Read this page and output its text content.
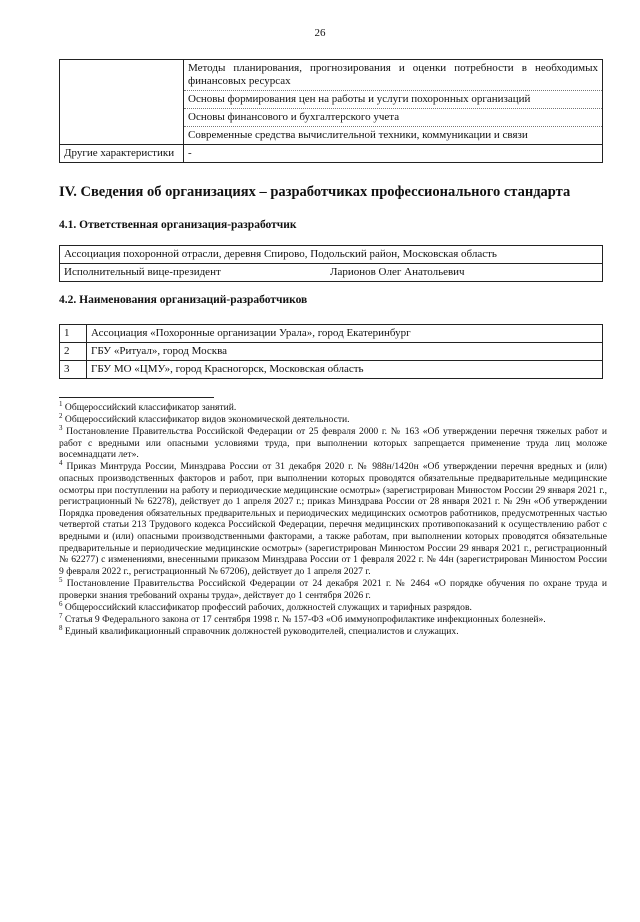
26

	Методы планирования, прогнозирования и оценки потребности в необходимых финансовых ресурсах
Основы формирования цен на работы и услуги похоронных организаций
Основы финансового и бухгалтерского учета
Современные средства вычислительной техники, коммуникации и связи

Другие характеристики	-
IV. Сведения об организациях – разработчиках профессионального стандарта
4.1. Ответственная организация-разработчик
Ассоциация похоронной отрасли, деревня Спирово, Подольский район, Московская область

Исполнительный вице-президент	Ларионов Олег Анатольевич
4.2. Наименования организаций-разработчиков
1	Ассоциация «Похоронные организации Урала», город Екатеринбург
2	ГБУ «Ритуал», город Москва
3	ГБУ МО «ЦМУ», город Красногорск, Московская область

$^1$ Общероссийский классификатор занятий.

$^2$ Общероссийский классификатор видов экономической деятельности.

$^3$ Постановление Правительства Российской Федерации от 25 февраля 2000 г. № 163 «Об утверждении перечня тяжелых работ и работ с вредными или опасными условиями труда, при выполнении которых запрещается применение труда лиц моложе восемнадцати лет».

$^4$ Приказ Минтруда России, Минздрава России от 31 декабря 2020 г. № 988н/1420н «Об утверждении перечня вредных и (или) опасных производственных факторов и работ, при выполнении которых проводятся обязательные предварительные медицинские осмотры при поступлении на работу и периодические медицинские осмотры» (зарегистрирован Минюстом России 29 января 2021 г., регистрационный № 62278), действует до 1 апреля 2027 г.; приказ Минздрава России от 28 января 2021 г. № 29н «Об утверждении Порядка проведения обязательных предварительных и периодических медицинских осмотров работников, предусмотренных частью четвертой статьи 213 Трудового кодекса Российской Федерации, перечня медицинских противопоказаний к осуществлению работ с вредными и (или) опасными производственными факторами, а также работам, при выполнении которых проводятся обязательные предварительные и периодические медицинские осмотры» (зарегистрирован Минюстом России 29 января 2021 г., регистрационный № 62277) с изменениями, внесенными приказом Минздрава России от 1 февраля 2022 г. № 44н (зарегистрирован Минюстом России 9 февраля 2022 г., регистрационный № 67206), действует до 1 апреля 2027 г.

$^5$ Постановление Правительства Российской Федерации от 24 декабря 2021 г. № 2464 «О порядке обучения по охране труда и проверки знания требований охраны труда», действует до 1 сентября 2026 г.

$^6$ Общероссийский классификатор профессий рабочих, должностей служащих и тарифных разрядов.

$^7$ Статья 9 Федерального закона от 17 сентября 1998 г. № 157-ФЗ «Об иммунопрофилактике инфекционных болезней».

$^8$ Единый квалификационный справочник должностей руководителей, специалистов и служащих.
